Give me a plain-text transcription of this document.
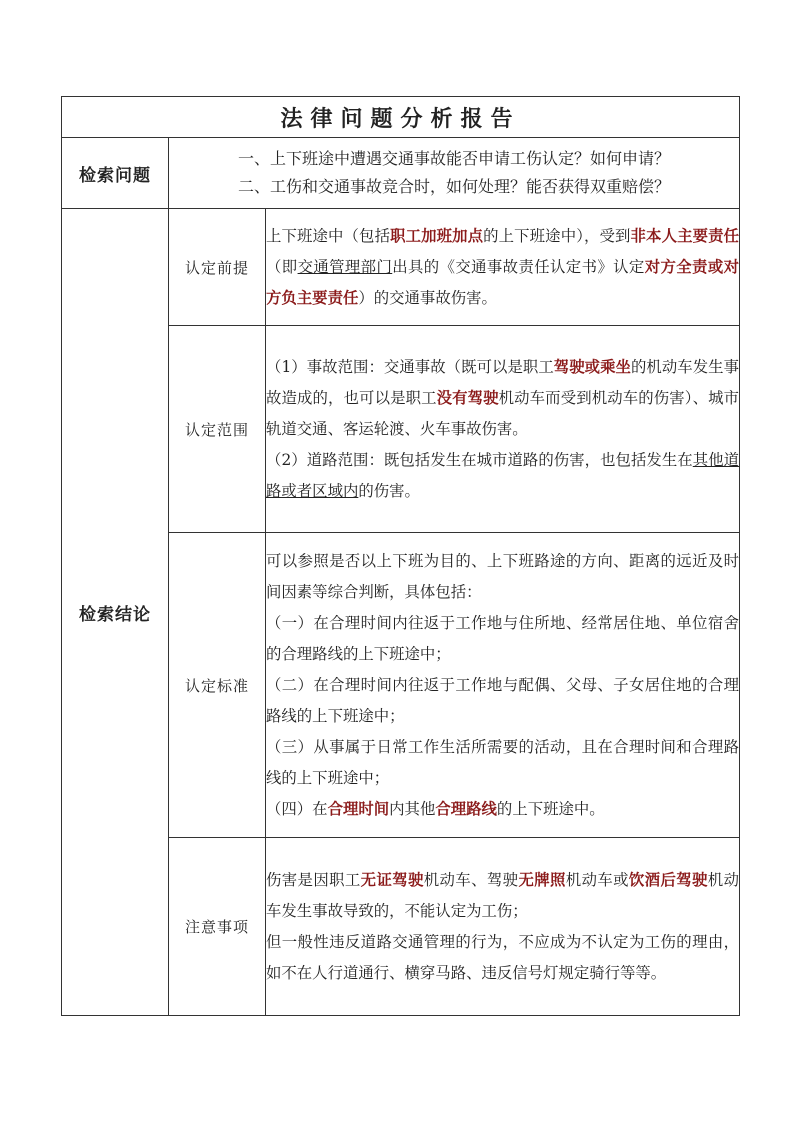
法律问题分析报告		
检索问题	一、上下班途中遭遇交通事故能否申请工伤认定？如何申请？
二、工伤和交通事故竞合时，如何处理？能否获得双重赔偿？	

检索结论	认定前提	上下班途中（包括职工加班加点的上下班途中），受到非本人主要责任（即交通管理部门出具的《交通事故责任认定书》认定对方全责或对方负主要责任）的交通事故伤害。

	认定范围	（1）事故范围：交通事故（既可以是职工驾驶或乘坐的机动车发生事故造成的，也可以是职工没有驾驶机动车而受到机动车的伤害）、城市轨道交通、客运轮渡、火车事故伤害。
（2）道路范围：既包括发生在城市道路的伤害，也包括发生在其他道路或者区域内的伤害。

	认定标准	可以参照是否以上下班为目的、上下班路途的方向、距离的远近及时间因素等综合判断，具体包括：
（一）在合理时间内往返于工作地与住所地、经常居住地、单位宿舍的合理路线的上下班途中；
（二）在合理时间内往返于工作地与配偶、父母、子女居住地的合理路线的上下班途中；
（三）从事属于日常工作生活所需要的活动，且在合理时间和合理路线的上下班途中；
（四）在合理时间内其他合理路线的上下班途中。

	注意事项	伤害是因职工无证驾驶机动车、驾驶无牌照机动车或饮酒后驾驶机动车发生事故导致的，不能认定为工伤；
但一般性违反道路交通管理的行为，不应成为不认定为工伤的理由，如不在人行道通行、横穿马路、违反信号灯规定骑行等等。
